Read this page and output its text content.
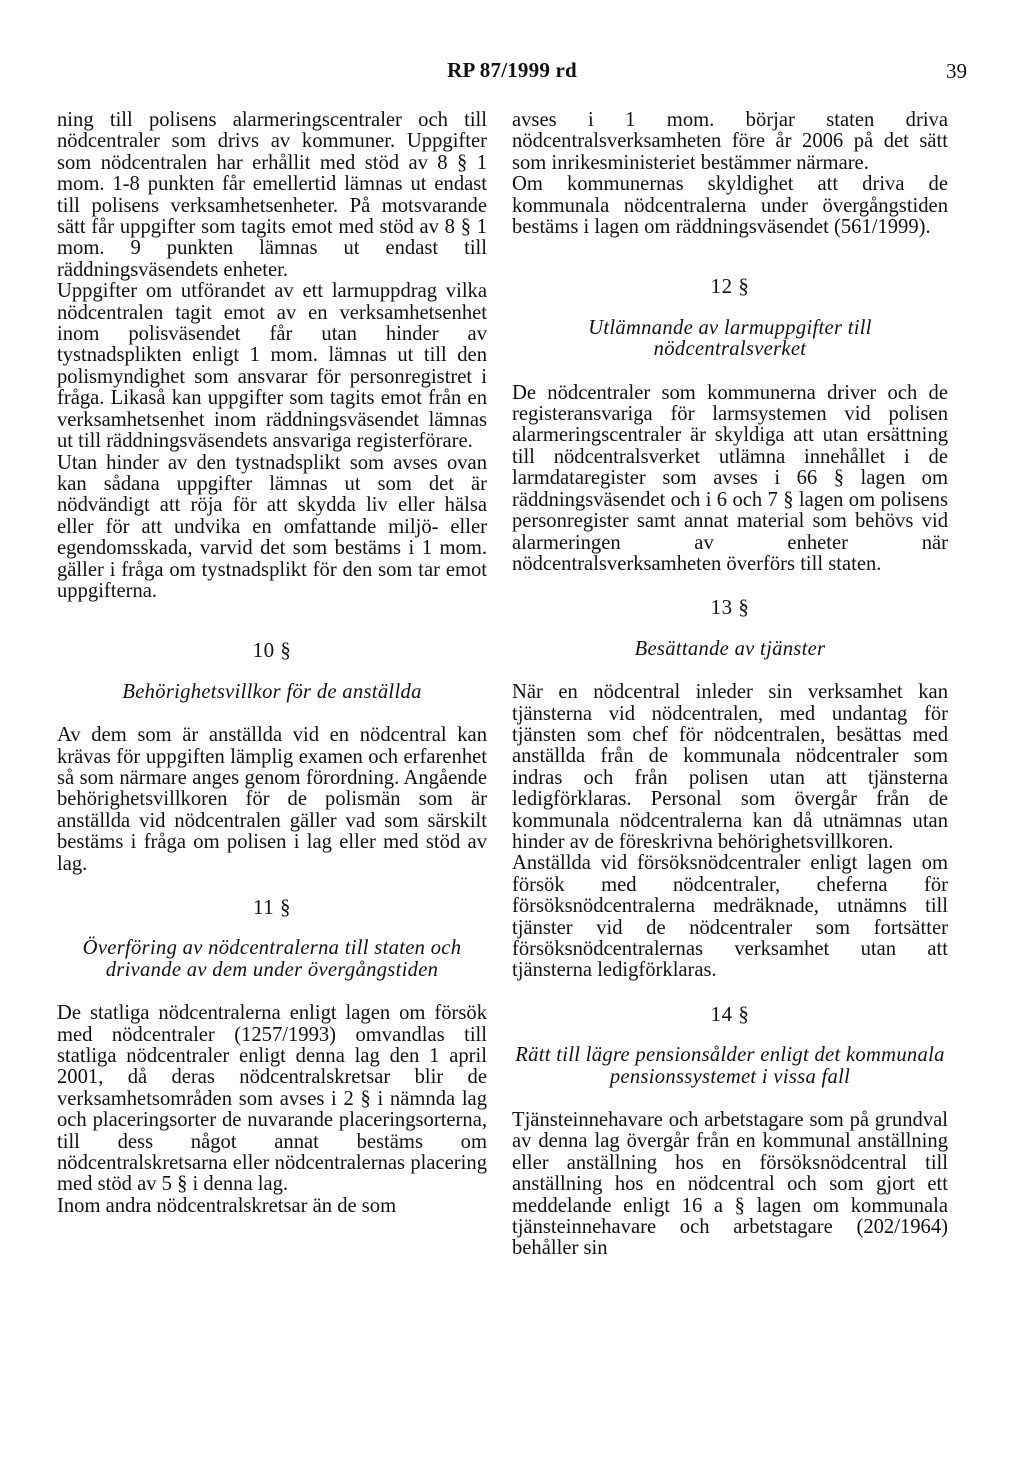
RP 87/1999 rd	39

ning till polisens alarmeringscentraler och till nödcentraler som drivs av kommuner. Uppgifter som nödcentralen har erhållit med stöd av 8 § 1 mom. 1-8 punkten får emellertid lämnas ut endast till polisens verksamhetsenheter. På motsvarande sätt får uppgifter som tagits emot med stöd av 8 § 1 mom. 9 punkten lämnas ut endast till räddningsväsendets enheter.

Uppgifter om utförandet av ett larmuppdrag vilka nödcentralen tagit emot av en verksamhetsenhet inom polisväsendet får utan hinder av tystnadsplikten enligt 1 mom. lämnas ut till den polismyndighet som ansvarar för personregistret i fråga. Likaså kan uppgifter som tagits emot från en verksamhetsenhet inom räddningsväsendet lämnas ut till räddningsväsendets ansvariga registerförare.

Utan hinder av den tystnadsplikt som avses ovan kan sådana uppgifter lämnas ut som det är nödvändigt att röja för att skydda liv eller hälsa eller för att undvika en omfattande miljö- eller egendomsskada, varvid det som bestäms i 1 mom. gäller i fråga om tystnadsplikt för den som tar emot uppgifterna.

10 §
Behörighetsvillkor för de anställda

Av dem som är anställda vid en nödcentral kan krävas för uppgiften lämplig examen och erfarenhet så som närmare anges genom förordning. Angående behörighetsvillkoren för de polismän som är anställda vid nödcentralen gäller vad som särskilt bestäms i fråga om polisen i lag eller med stöd av lag.

11 §
Överföring av nödcentralerna till staten och drivande av dem under övergångstiden

De statliga nödcentralerna enligt lagen om försök med nödcentraler (1257/1993) omvandlas till statliga nödcentraler enligt denna lag den 1 april 2001, då deras nödcentralskretsar blir de verksamhetsområden som avses i 2 § i nämnda lag och placeringsorter de nuvarande placeringsorterna, till dess något annat bestäms om nödcentralskretsarna eller nödcentralernas placering med stöd av 5 § i denna lag.

Inom andra nödcentralskretsar än de som

avses i 1 mom. börjar staten driva nödcentralsverksamheten före år 2006 på det sätt som inrikesministeriet bestämmer närmare.

Om kommunernas skyldighet att driva de kommunala nödcentralerna under övergångstiden bestäms i lagen om räddningsväsendet (561/1999).

12 §
Utlämnande av larmuppgifter till nödcentralsverket

De nödcentraler som kommunerna driver och de registeransvariga för larmsystemen vid polisen alarmeringscentraler är skyldiga att utan ersättning till nödcentralsverket utlämna innehållet i de larmdataregister som avses i 66 § lagen om räddningsväsendet och i 6 och 7 § lagen om polisens personregister samt annat material som behövs vid alarmeringen av enheter när nödcentralsverksamheten överförs till staten.

13 §
Besättande av tjänster

När en nödcentral inleder sin verksamhet kan tjänsterna vid nödcentralen, med undantag för tjänsten som chef för nödcentralen, besättas med anställda från de kommunala nödcentraler som indras och från polisen utan att tjänsterna ledigförklaras. Personal som övergår från de kommunala nödcentralerna kan då utnämnas utan hinder av de föreskrivna behörighetsvillkoren.

Anställda vid försöksnödcentraler enligt lagen om försök med nödcentraler, cheferna för försöksnödcentralerna medräknade, utnämns till tjänster vid de nödcentraler som fortsätter försöksnödcentralernas verksamhet utan att tjänsterna ledigförklaras.

14 §
Rätt till lägre pensionsålder enligt det kommunala pensionssystemet i vissa fall

Tjänsteinnehavare och arbetstagare som på grundval av denna lag övergår från en kommunal anställning eller anställning hos en försöksnödcentral till anställning hos en nödcentral och som gjort ett meddelande enligt 16 a § lagen om kommunala tjänsteinnehavare och arbetstagare (202/1964) behåller sin
